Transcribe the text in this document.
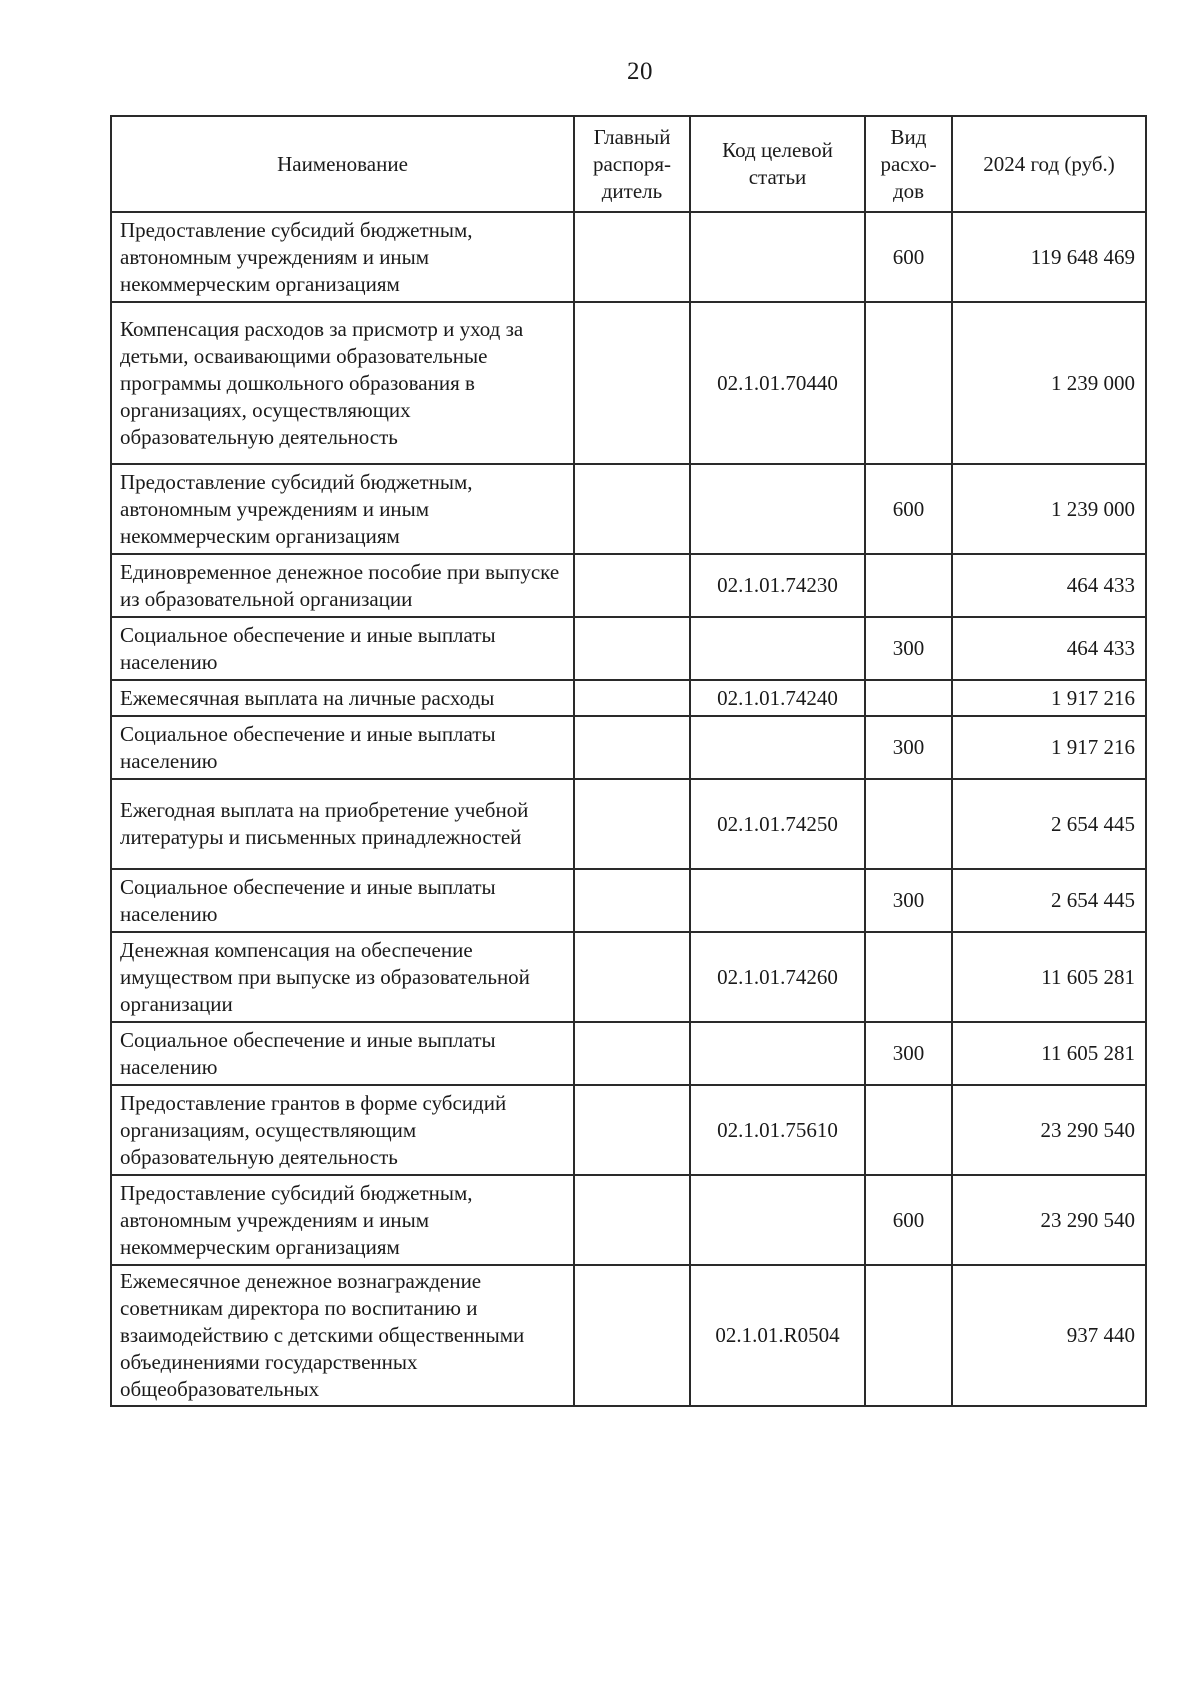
20
Наименование	Главный распоря-дитель	Код целевой статьи	Вид расхо-дов	2024 год (руб.)
Предоставление субсидий бюджетным, автономным учреждениям и иным некоммерческим организациям			600	119 648 469
Компенсация расходов за присмотр и уход за детьми, осваивающими образовательные программы дошкольного образования в организациях, осуществляющих образовательную деятельность		02.1.01.70440		1 239 000
Предоставление субсидий бюджетным, автономным учреждениям и иным некоммерческим организациям			600	1 239 000
Единовременное денежное пособие при выпуске из образовательной организации		02.1.01.74230		464 433
Социальное обеспечение и иные выплаты населению			300	464 433
Ежемесячная выплата на личные расходы		02.1.01.74240		1 917 216
Социальное обеспечение и иные выплаты населению			300	1 917 216
Ежегодная выплата на приобретение учебной литературы и письменных принадлежностей		02.1.01.74250		2 654 445
Социальное обеспечение и иные выплаты населению			300	2 654 445
Денежная компенсация на обеспечение имуществом при выпуске из образовательной организации		02.1.01.74260		11 605 281
Социальное обеспечение и иные выплаты населению			300	11 605 281
Предоставление грантов в форме субсидий организациям, осуществляющим образовательную деятельность		02.1.01.75610		23 290 540
Предоставление субсидий бюджетным, автономным учреждениям и иным некоммерческим организациям			600	23 290 540
Ежемесячное денежное вознаграждение советникам директора по воспитанию и взаимодействию с детскими общественными объединениями государственных общеобразовательных		02.1.01.R0504		937 440
